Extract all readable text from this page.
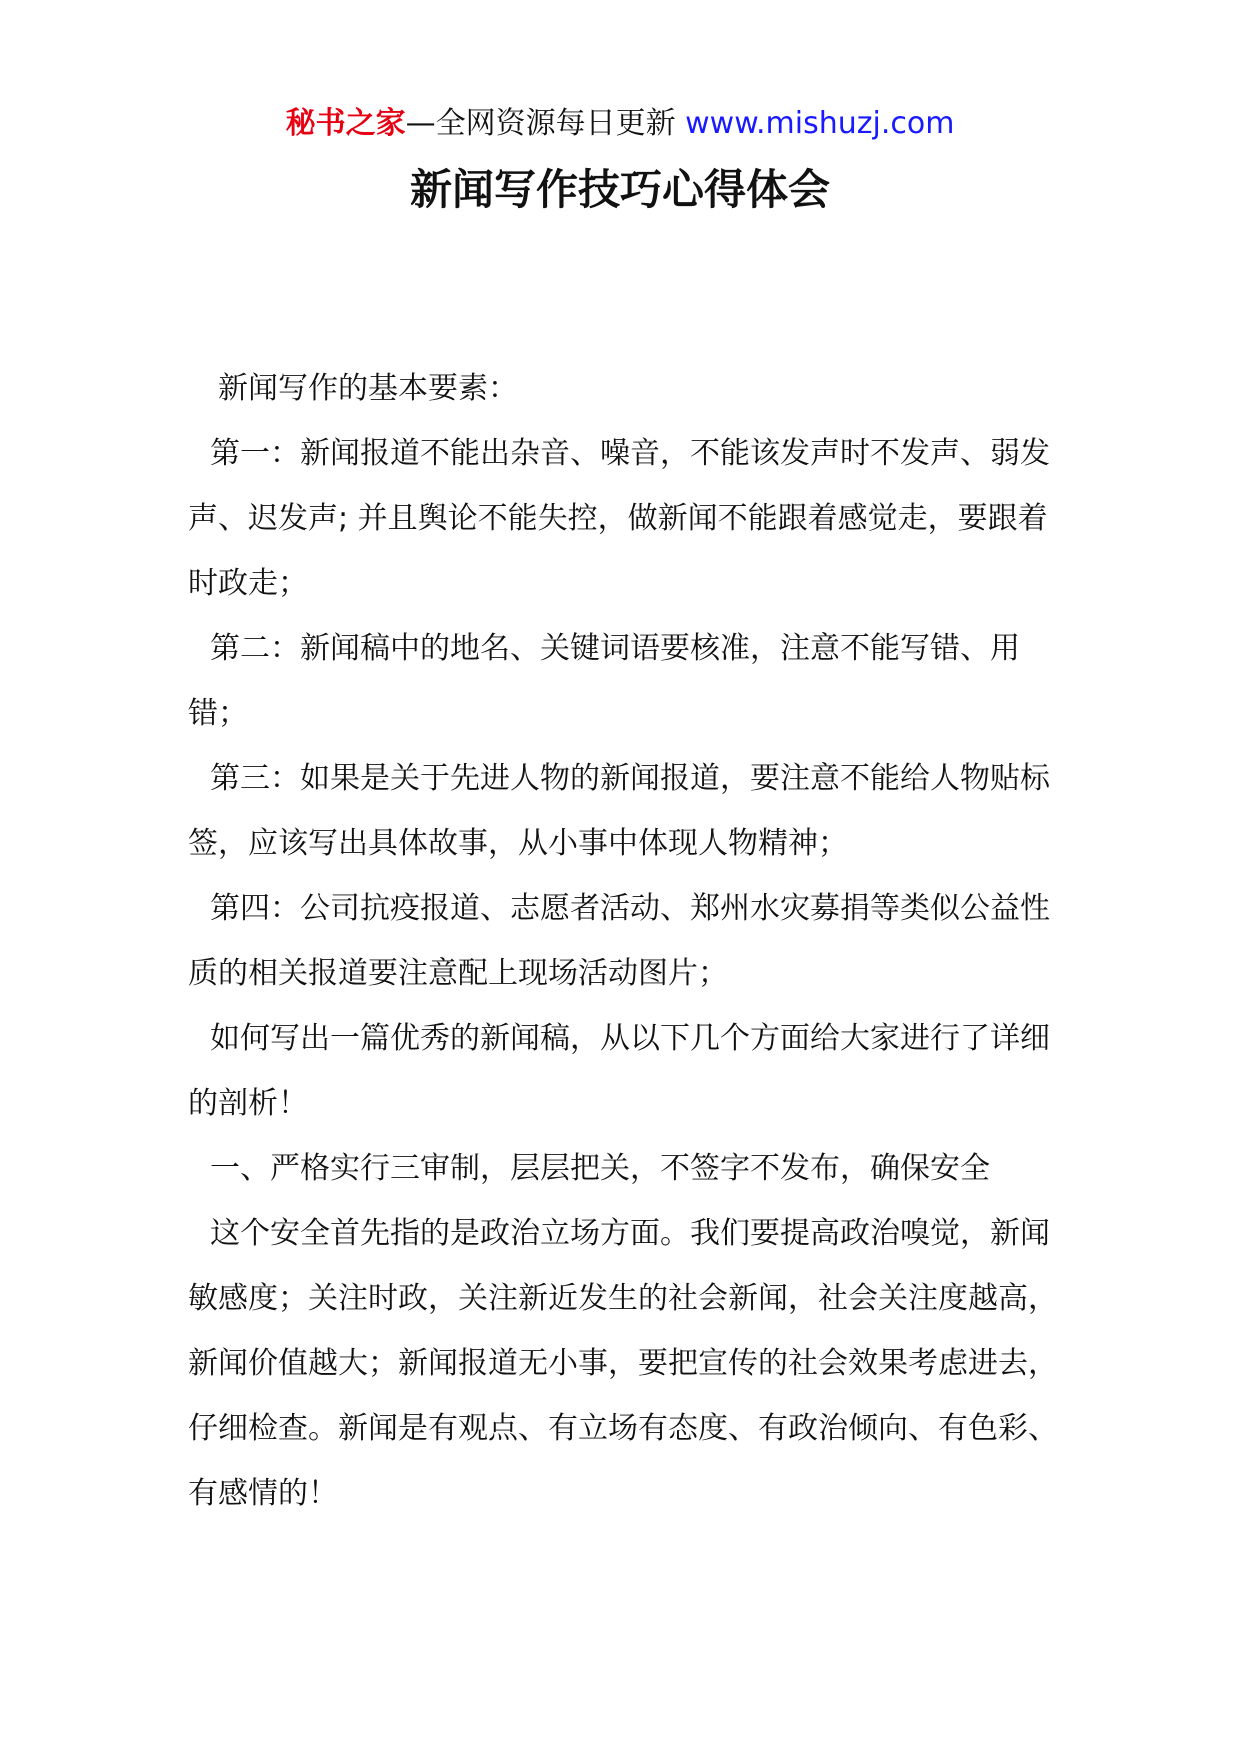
秘书之家—全网资源每日更新 www.mishuzj.com
新闻写作技巧心得体会

新闻写作的基本要素：

第一：新闻报道不能出杂音、噪音，不能该发声时不发声、弱发声、迟发声; 并且舆论不能失控，做新闻不能跟着感觉走，要跟着时政走；

第二：新闻稿中的地名、关键词语要核准，注意不能写错、用错；

第三：如果是关于先进人物的新闻报道，要注意不能给人物贴标签，应该写出具体故事，从小事中体现人物精神；

第四：公司抗疫报道、志愿者活动、郑州水灾募捐等类似公益性质的相关报道要注意配上现场活动图片；

如何写出一篇优秀的新闻稿，从以下几个方面给大家进行了详细的剖析！

一、严格实行三审制，层层把关，不签字不发布，确保安全

这个安全首先指的是政治立场方面。我们要提高政治嗅觉，新闻敏感度；关注时政，关注新近发生的社会新闻，社会关注度越高，新闻价值越大；新闻报道无小事，要把宣传的社会效果考虑进去，仔细检查。新闻是有观点、有立场有态度、有政治倾向、有色彩、有感情的！
